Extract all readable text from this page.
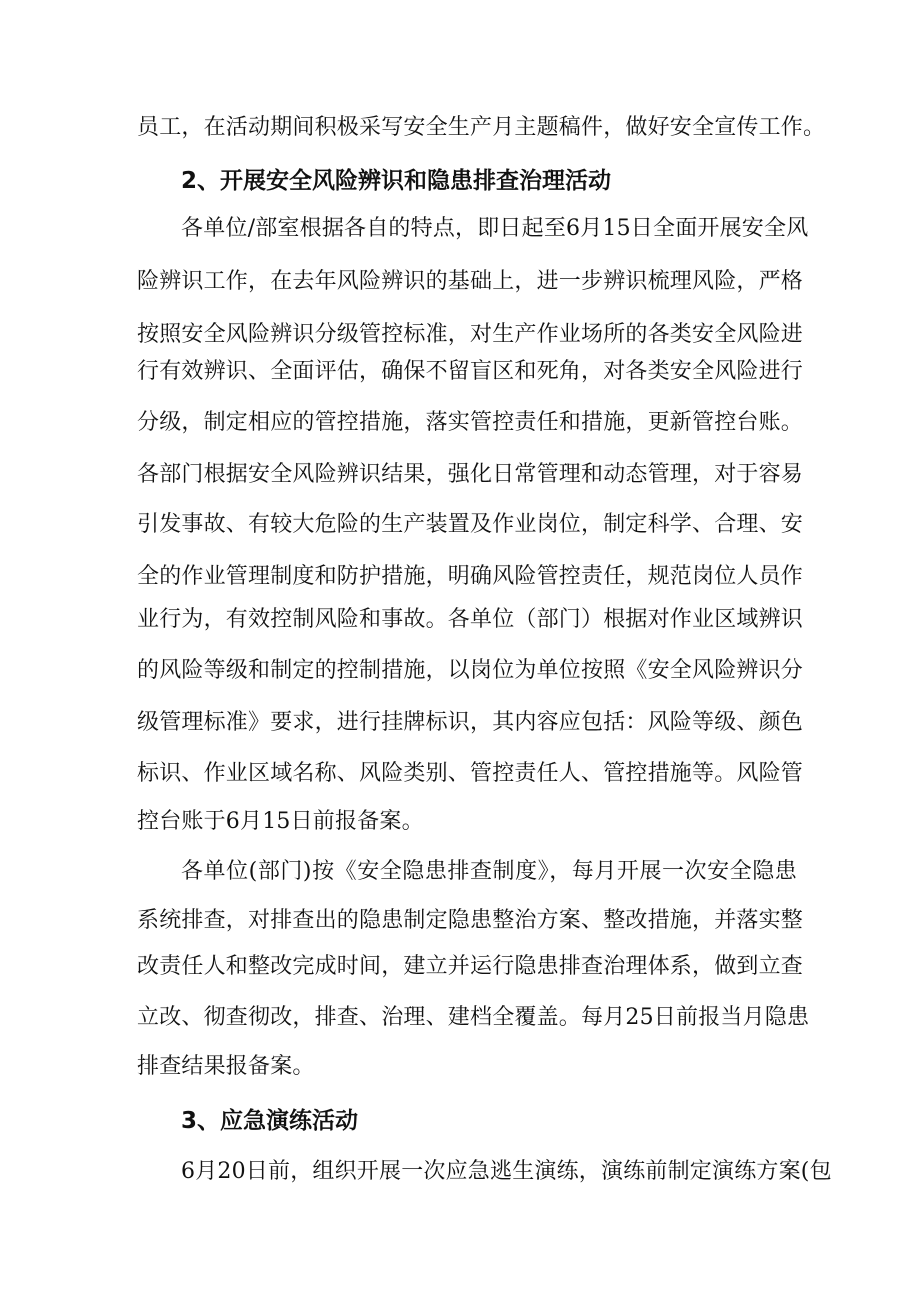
员工，在活动期间积极采写安全生产月主题稿件，做好安全宣传工作。
2、开展安全风险辨识和隐患排查治理活动
各单位/部室根据各自的特点，即日起至6月15日全面开展安全风
险辨识工作，在去年风险辨识的基础上，进一步辨识梳理风险，严格
按照安全风险辨识分级管控标准，对生产作业场所的各类安全风险进
行有效辨识、全面评估，确保不留盲区和死角，对各类安全风险进行
分级，制定相应的管控措施，落实管控责任和措施，更新管控台账。
各部门根据安全风险辨识结果，强化日常管理和动态管理，对于容易
引发事故、有较大危险的生产装置及作业岗位，制定科学、合理、安
全的作业管理制度和防护措施，明确风险管控责任，规范岗位人员作
业行为，有效控制风险和事故。各单位（部门）根据对作业区域辨识
的风险等级和制定的控制措施，以岗位为单位按照《安全风险辨识分
级管理标准》要求，进行挂牌标识，其内容应包括：风险等级、颜色
标识、作业区域名称、风险类别、管控责任人、管控措施等。风险管
控台账于6月15日前报备案。
各单位(部门)按《安全隐患排查制度》，每月开展一次安全隐患
系统排查，对排查出的隐患制定隐患整治方案、整改措施，并落实整
改责任人和整改完成时间，建立并运行隐患排查治理体系，做到立查
立改、彻查彻改，排查、治理、建档全覆盖。每月25日前报当月隐患
排查结果报备案。
3、应急演练活动
6月20日前，组织开展一次应急逃生演练，演练前制定演练方案(包
